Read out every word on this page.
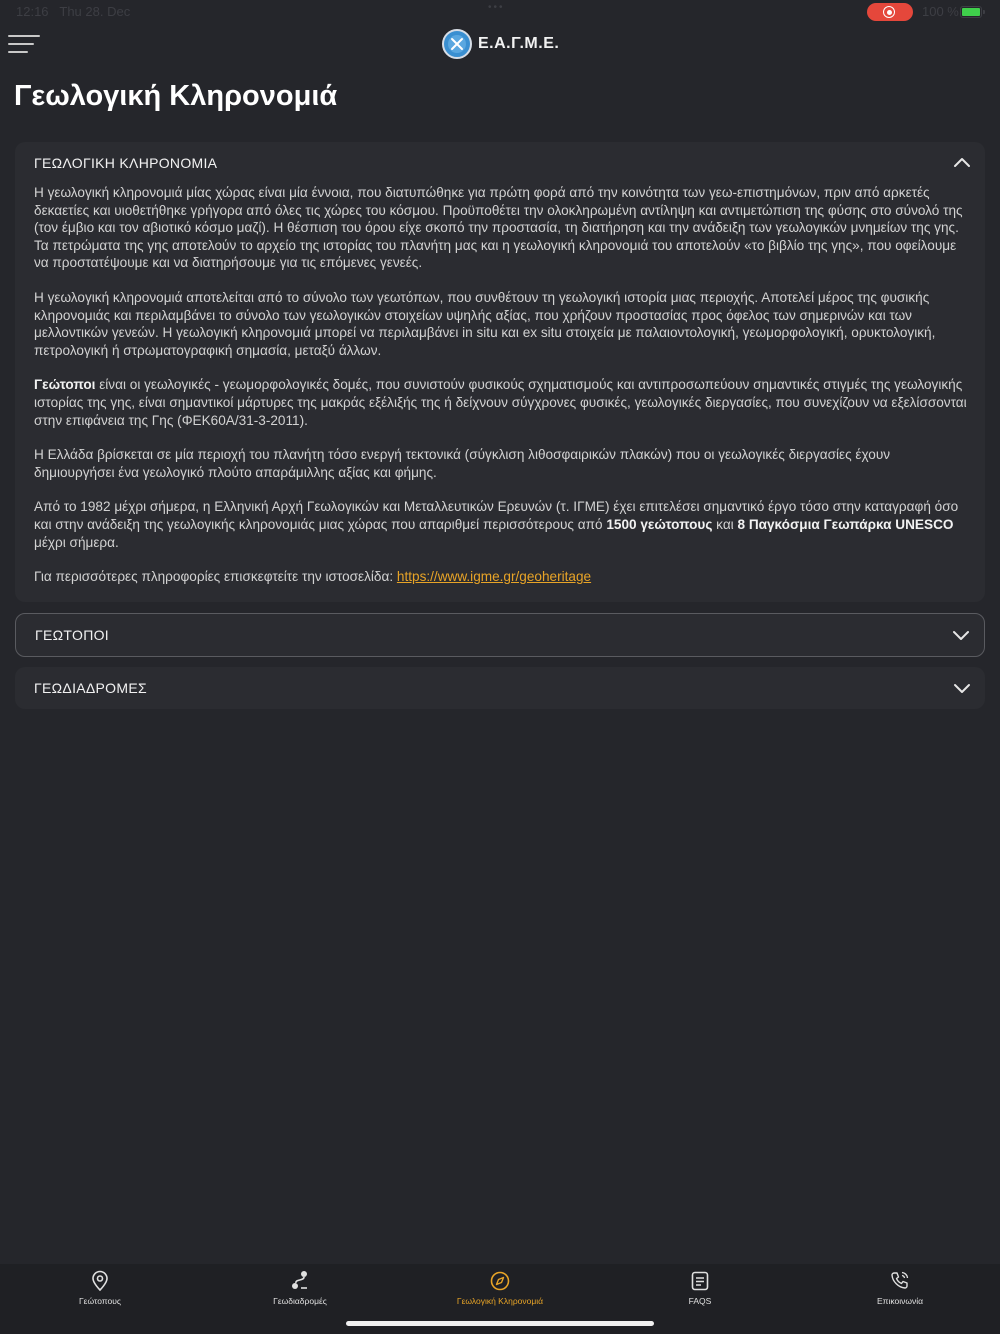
12:16 Thu 28. Dec	•••	100 %
Ε.Α.Γ.Μ.Ε.
Γεωλογική Κληρονομιά
ΓΕΩΛΟΓΙΚΗ ΚΛΗΡΟΝΟΜΙΑ

Η γεωλογική κληρονομιά μίας χώρας είναι μία έννοια, που διατυπώθηκε για πρώτη φορά από την κοινότητα των γεω-επιστημόνων, πριν από αρκετές δεκαετίες και υιοθετήθηκε γρήγορα από όλες τις χώρες του κόσμου. Προϋποθέτει την ολοκληρωμένη αντίληψη και αντιμετώπιση της φύσης στο σύνολό της (τον έμβιο και τον αβιοτικό κόσμο μαζί). Η θέσπιση του όρου είχε σκοπό την προστασία, τη διατήρηση και την ανάδειξη των γεωλογικών μνημείων της γης. Τα πετρώματα της γης αποτελούν το αρχείο της ιστορίας του πλανήτη μας και η γεωλογική κληρονομιά του αποτελούν «το βιβλίο της γης», που οφείλουμε να προστατέψουμε και να διατηρήσουμε για τις επόμενες γενεές.

Η γεωλογική κληρονομιά αποτελείται από το σύνολο των γεωτόπων, που συνθέτουν τη γεωλογική ιστορία μιας περιοχής. Αποτελεί μέρος της φυσικής κληρονομιάς και περιλαμβάνει το σύνολο των γεωλογικών στοιχείων υψηλής αξίας, που χρήζουν προστασίας προς όφελος των σημερινών και των μελλοντικών γενεών. Η γεωλογική κληρονομιά μπορεί να περιλαμβάνει in situ και ex situ στοιχεία με παλαιοντολογική, γεωμορφολογική, ορυκτολογική, πετρολογική ή στρωματογραφική σημασία, μεταξύ άλλων.

Γεώτοποι είναι οι γεωλογικές - γεωμορφολογικές δομές, που συνιστούν φυσικούς σχηματισμούς και αντιπροσωπεύουν σημαντικές στιγμές της γεωλογικής ιστορίας της γης, είναι σημαντικοί μάρτυρες της μακράς εξέλιξής της ή δείχνουν σύγχρονες φυσικές, γεωλογικές διεργασίες, που συνεχίζουν να εξελίσσονται στην επιφάνεια της Γης (ΦΕΚ60Α/31-3-2011).

Η Ελλάδα βρίσκεται σε μία περιοχή του πλανήτη τόσο ενεργή τεκτονικά (σύγκλιση λιθοσφαιρικών πλακών) που οι γεωλογικές διεργασίες έχουν δημιουργήσει ένα γεωλογικό πλούτο απαράμιλλης αξίας και φήμης.

Από το 1982 μέχρι σήμερα, η Ελληνική Αρχή Γεωλογικών και Μεταλλευτικών Ερευνών (τ. ΙΓΜΕ) έχει επιτελέσει σημαντικό έργο τόσο στην καταγραφή όσο και στην ανάδειξη της γεωλογικής κληρονομιάς μιας χώρας που απαριθμεί περισσότερους από 1500 γεώτοπους και 8 Παγκόσμια Γεωπάρκα UNESCO μέχρι σήμερα.

Για περισσότερες πληροφορίες επισκεφτείτε την ιστοσελίδα: https://www.igme.gr/geoheritage

ΓΕΩΤΟΠΟΙ
ΓΕΩΔΙΑΔΡΟΜΕΣ
Γεώτοπους	Γεωδιαδρομές	Γεωλογική Κληρονομιά	FAQS	Επικοινωνία
